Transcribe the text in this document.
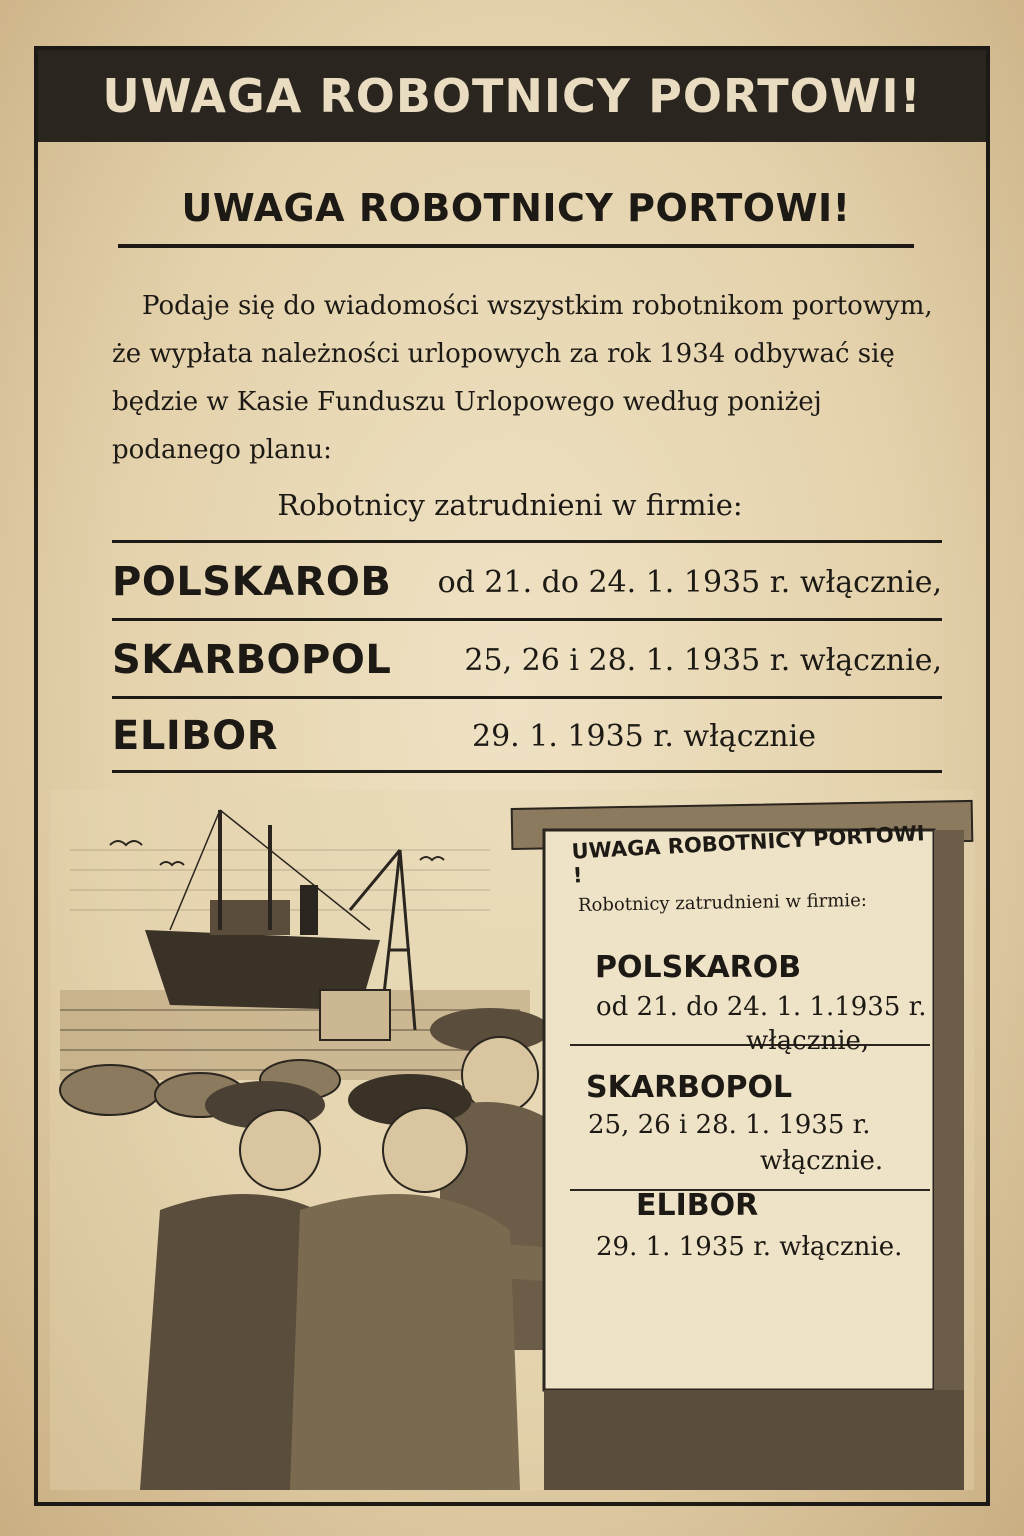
UWAGA ROBOTNICY PORTOWI!
UWAGA ROBOTNICY PORTOWI!
Podaje się do wiadomości wszystkim robotnikom portowym, że wypłata należności urlopowych za rok 1934 odbywać się będzie w Kasie Funduszu Urlopowego według poniżej podanego planu:
Robotnicy zatrudnieni w firmie:
POLSKAROB	od 21. do 24. 1. 1935 r. włącznie,
SKARBOPOL	25, 26 i 28. 1. 1935 r. włącznie,
ELIBOR	29. 1. 1935 r. włącznie
UWAGA ROBOTNICY PORTOWI !
Robotnicy zatrudnieni w firmie:
POLSKAROB
od 21. do 24. 1. 1.1935 r.
włącznie,
SKARBOPOL
25, 26 i 28. 1. 1935 r.
włącznie.
ELIBOR
29. 1. 1935 r. włącznie.
